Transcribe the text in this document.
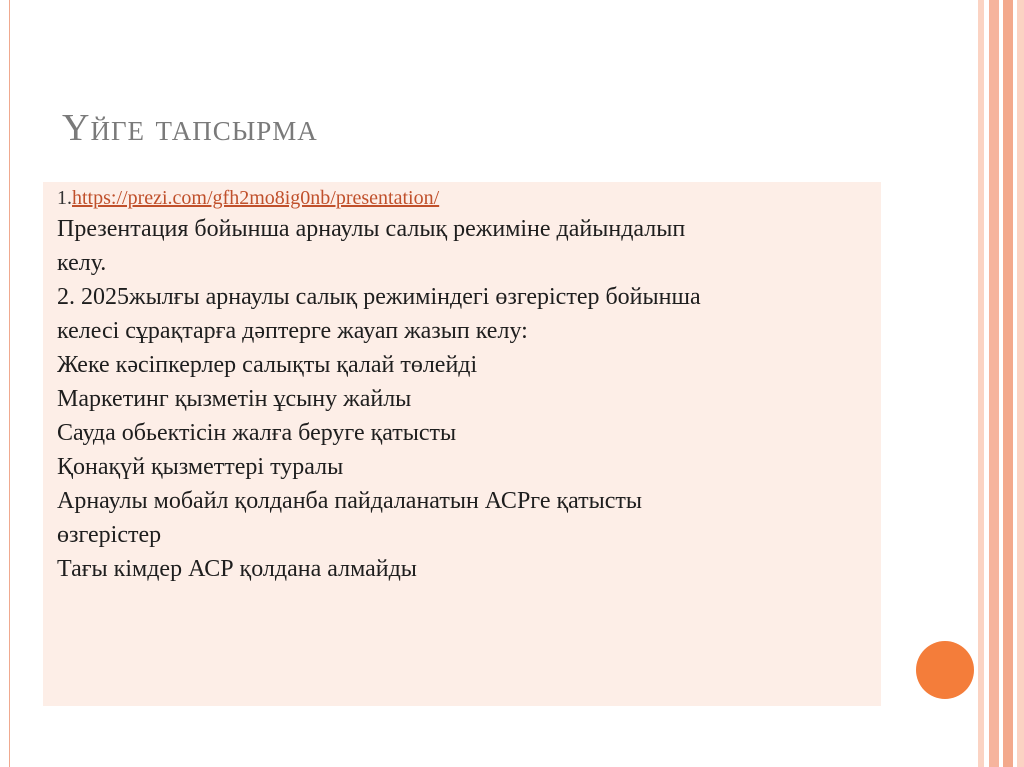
Үйге тапсырма
1.https://prezi.com/gfh2mo8ig0nb/presentation/
Презентация бойынша арнаулы салық режиміне дайындалып
келу.
2. 2025жылғы арнаулы салық режиміндегі өзгерістер бойынша
келесі сұрақтарға дәптерге жауап жазып келу:
Жеке кәсіпкерлер салықты қалай төлейді
Маркетинг қызметін ұсыну жайлы
Сауда обьектісін жалға беруге қатысты
Қонақүй қызметтері туралы
Арнаулы мобайл қолданба пайдаланатын АСРге қатысты
өзгерістер
Тағы кімдер АСР қолдана алмайды
